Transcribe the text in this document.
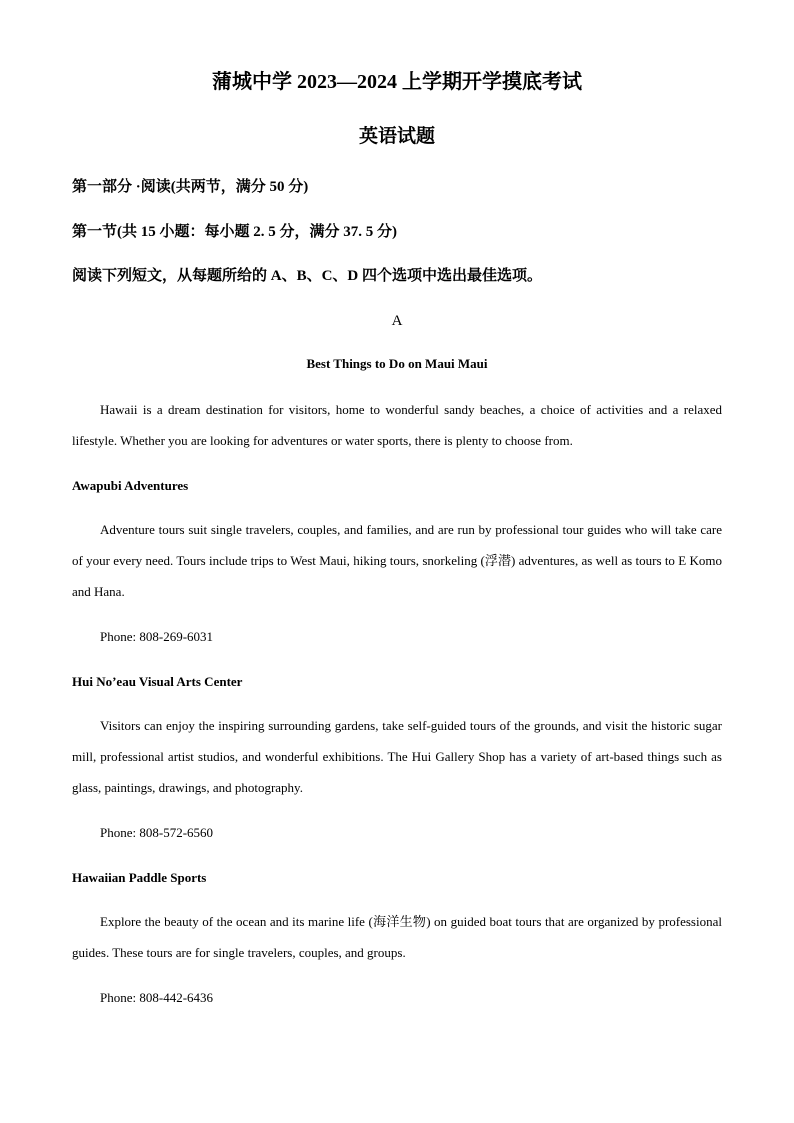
蒲城中学 2023—2024 上学期开学摸底考试
英语试题
第一部分 ·阅读(共两节，满分 50 分)
第一节(共 15 小题：每小题 2. 5 分，满分 37. 5 分)
阅读下列短文，从每题所给的 A、B、C、D 四个选项中选出最佳选项。
A
Best Things to Do on Maui Maui

Hawaii is a dream destination for visitors, home to wonderful sandy beaches, a choice of activities and a relaxed lifestyle. Whether you are looking for adventures or water sports, there is plenty to choose from.

Awapubi Adventures

Adventure tours suit single travelers, couples, and families, and are run by professional tour guides who will take care of your every need. Tours include trips to West Maui, hiking tours, snorkeling (浮潜) adventures, as well as tours to E Komo and Hana.

Phone: 808-269-6031
Hui No’eau Visual Arts Center

Visitors can enjoy the inspiring surrounding gardens, take self-guided tours of the grounds, and visit the historic sugar mill, professional artist studios, and wonderful exhibitions. The Hui Gallery Shop has a variety of art-based things such as glass, paintings, drawings, and photography.

Phone: 808-572-6560
Hawaiian Paddle Sports

Explore the beauty of the ocean and its marine life (海洋生物) on guided boat tours that are organized by professional guides. These tours are for single travelers, couples, and groups.

Phone: 808-442-6436
